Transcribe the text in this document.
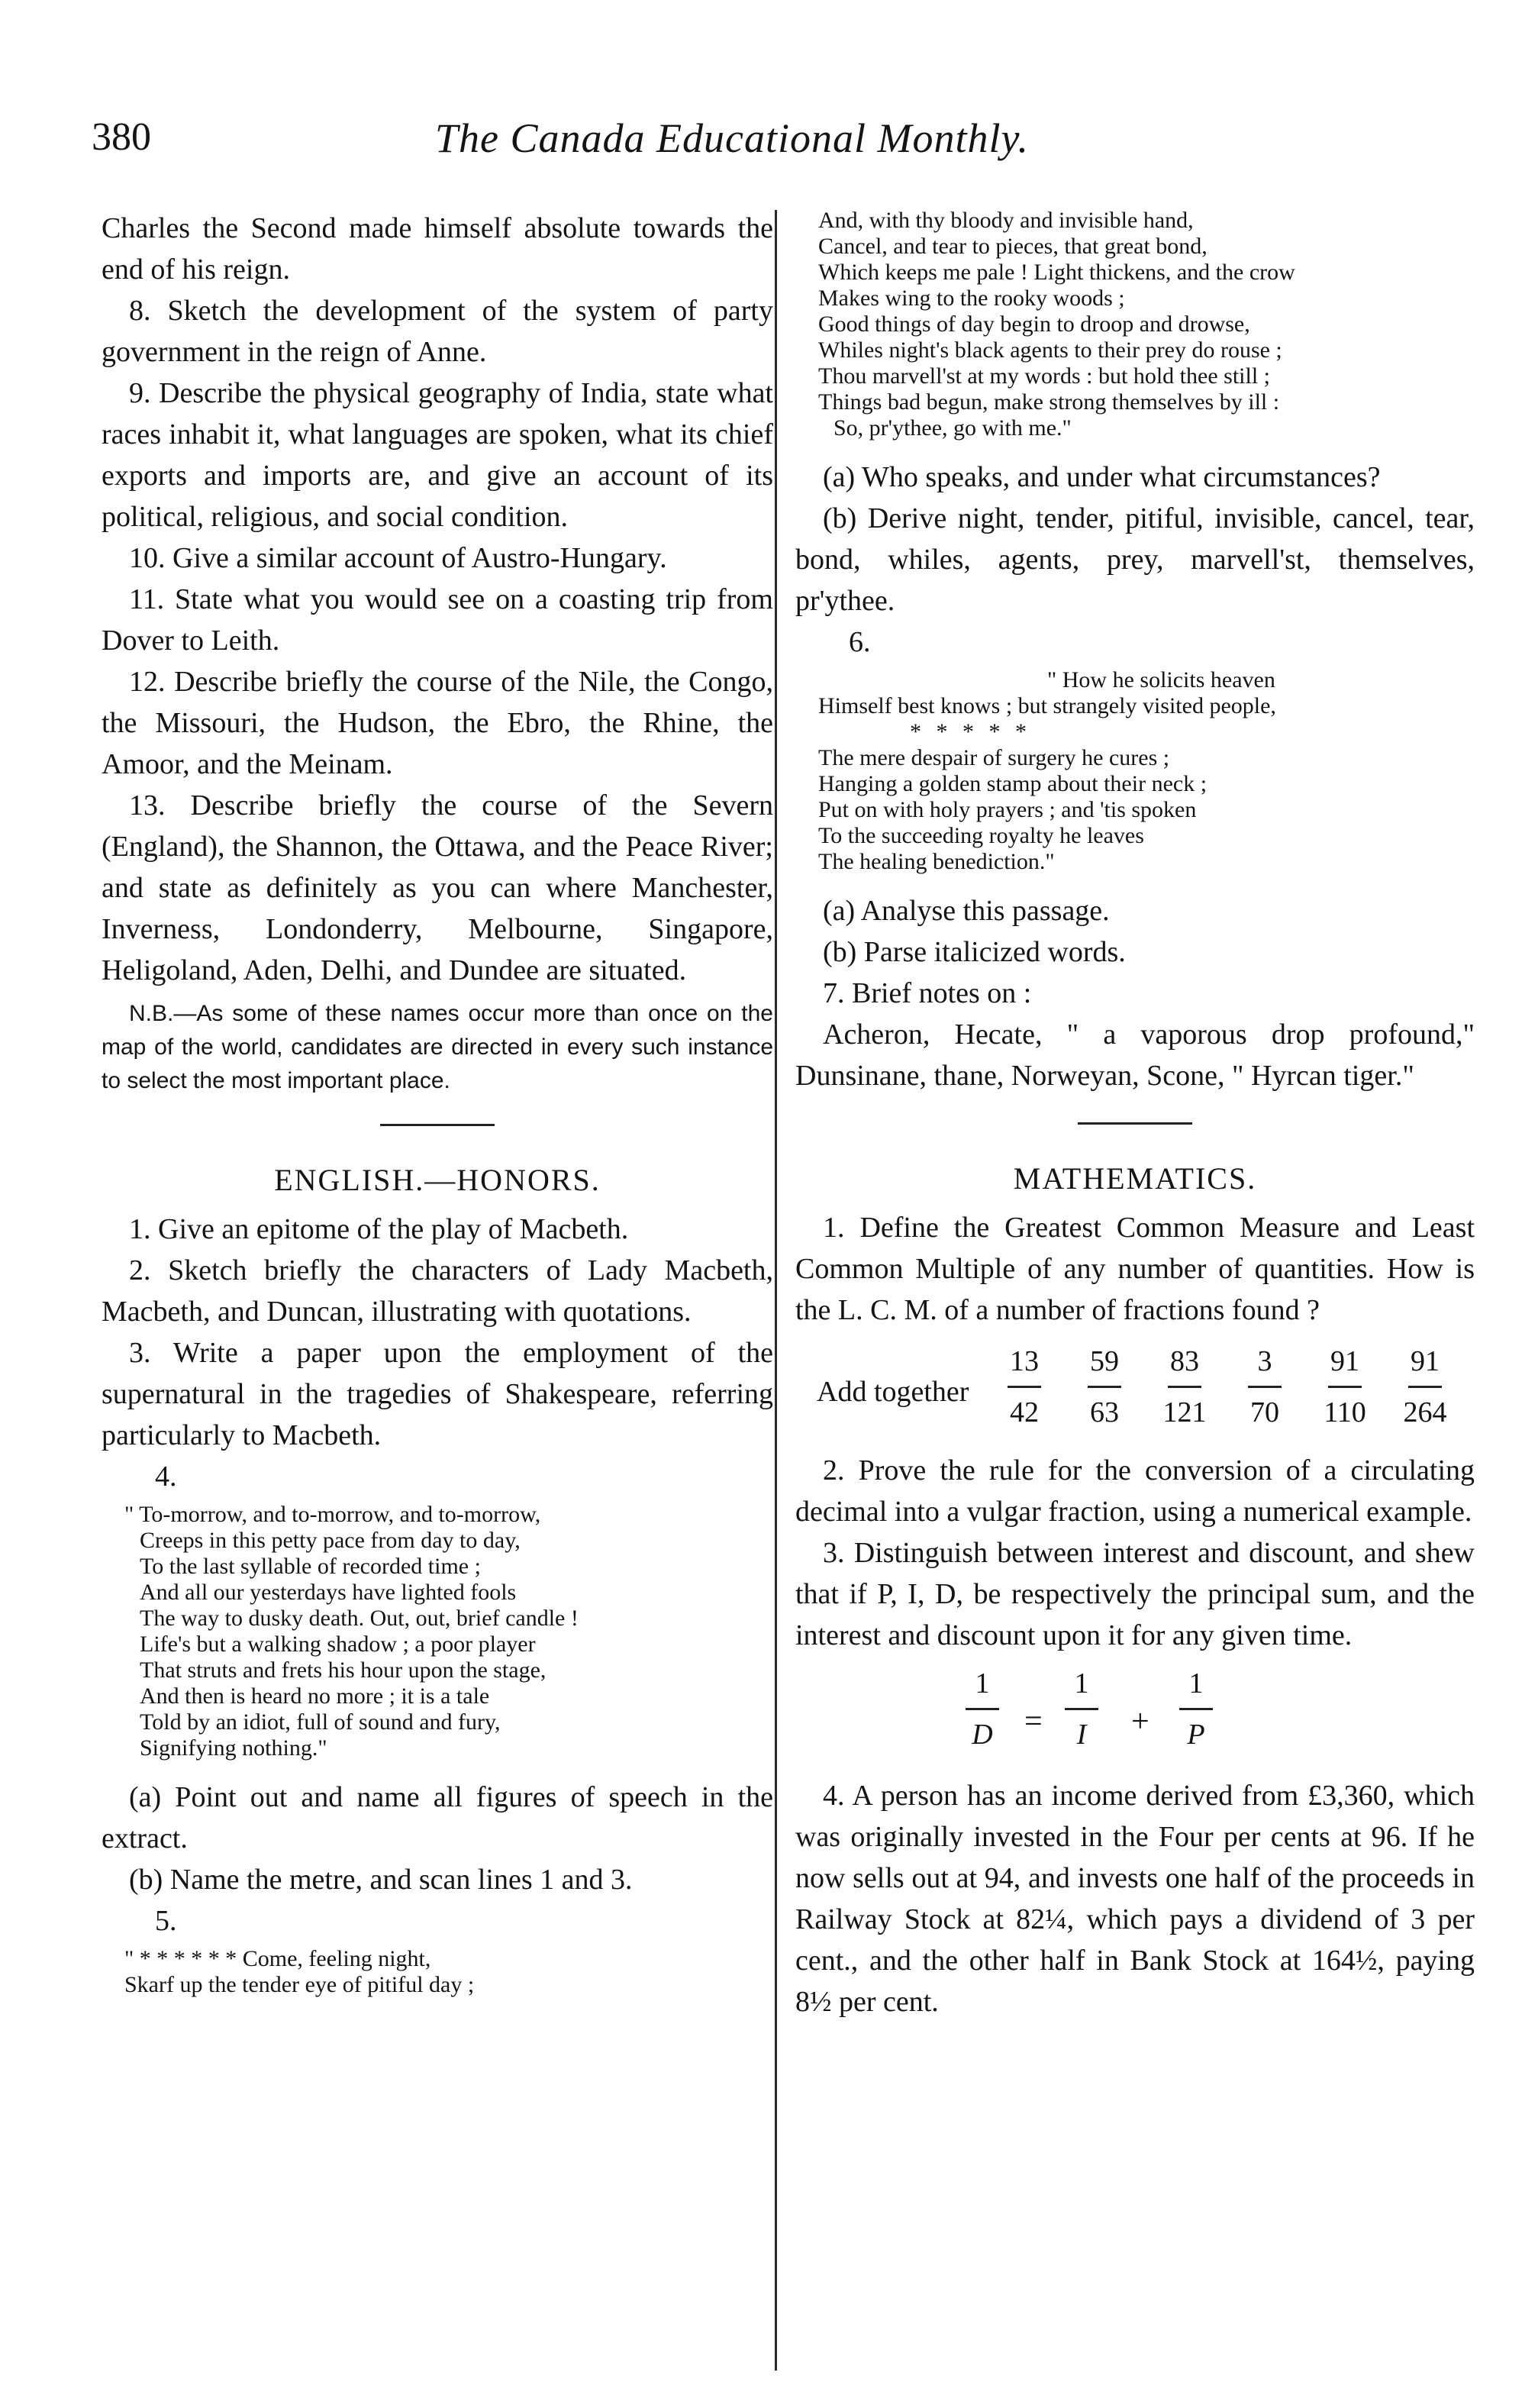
380	The Canada Educational Monthly.

Charles the Second made himself absolute towards the end of his reign.

8. Sketch the development of the system of party government in the reign of Anne.

9. Describe the physical geography of India, state what races inhabit it, what languages are spoken, what its chief exports and imports are, and give an account of its political, religious, and social condition.

10. Give a similar account of Austro-Hungary.

11. State what you would see on a coasting trip from Dover to Leith.

12. Describe briefly the course of the Nile, the Congo, the Missouri, the Hudson, the Ebro, the Rhine, the Amoor, and the Meinam.

13. Describe briefly the course of the Severn (England), the Shannon, the Ottawa, and the Peace River; and state as definitely as you can where Manchester, Inverness, Londonderry, Melbourne, Singapore, Heligoland, Aden, Delhi, and Dundee are situated.

N.B.—As some of these names occur more than once on the map of the world, candidates are directed in every such instance to select the most important place.

ENGLISH.—HONORS.

1. Give an epitome of the play of Macbeth.

2. Sketch briefly the characters of Lady Macbeth, Macbeth, and Duncan, illustrating with quotations.

3. Write a paper upon the employment of the supernatural in the tragedies of Shakespeare, referring particularly to Macbeth.

4.

" To-morrow, and to-morrow, and to-morrow,

Creeps in this petty pace from day to day,

To the last syllable of recorded time ;

And all our yesterdays have lighted fools

The way to dusky death. Out, out, brief candle !

Life's but a walking shadow ; a poor player

That struts and frets his hour upon the stage,

And then is heard no more ; it is a tale

Told by an idiot, full of sound and fury,

Signifying nothing."

(a) Point out and name all figures of speech in the extract.

(b) Name the metre, and scan lines 1 and 3.

5.

" * * * * * * Come, feeling night,

Skarf up the tender eye of pitiful day ;

And, with thy bloody and invisible hand,

Cancel, and tear to pieces, that great bond,

Which keeps me pale ! Light thickens, and the crow

Makes wing to the rooky woods ;

Good things of day begin to droop and drowse,

Whiles night's black agents to their prey do rouse ;

Thou marvell'st at my words : but hold thee still ;

Things bad begun, make strong themselves by ill :

So, pr'ythee, go with me."

(a) Who speaks, and under what circumstances?

(b) Derive night, tender, pitiful, invisible, cancel, tear, bond, whiles, agents, prey, marvell'st, themselves, pr'ythee.

6.

" How he solicits heaven

Himself best knows ; but strangely visited people,

* * * * *

The mere despair of surgery he cures ;

Hanging a golden stamp about their neck ;

Put on with holy prayers ; and 'tis spoken

To the succeeding royalty he leaves

The healing benediction."

(a) Analyse this passage.

(b) Parse italicized words.

7. Brief notes on :

Acheron, Hecate, " a vaporous drop profound," Dunsinane, thane, Norweyan, Scone, " Hyrcan tiger."

MATHEMATICS.

1. Define the Greatest Common Measure and Least Common Multiple of any number of quantities. How is the L. C. M. of a number of fractions found ?

Add together
13
42
59
63
83
121
3
70
91
110
91
264

2. Prove the rule for the conversion of a circulating decimal into a vulgar fraction, using a numerical example.

3. Distinguish between interest and discount, and shew that if P, I, D, be respectively the principal sum, and the interest and discount upon it for any given time.

1
D =
1
I	+
1
P

4. A person has an income derived from £3,360, which was originally invested in the Four per cents at 96. If he now sells out at 94, and invests one half of the proceeds in Railway Stock at 82¼, which pays a dividend of 3 per cent., and the other half in Bank Stock at 164½, paying 8½ per cent.
